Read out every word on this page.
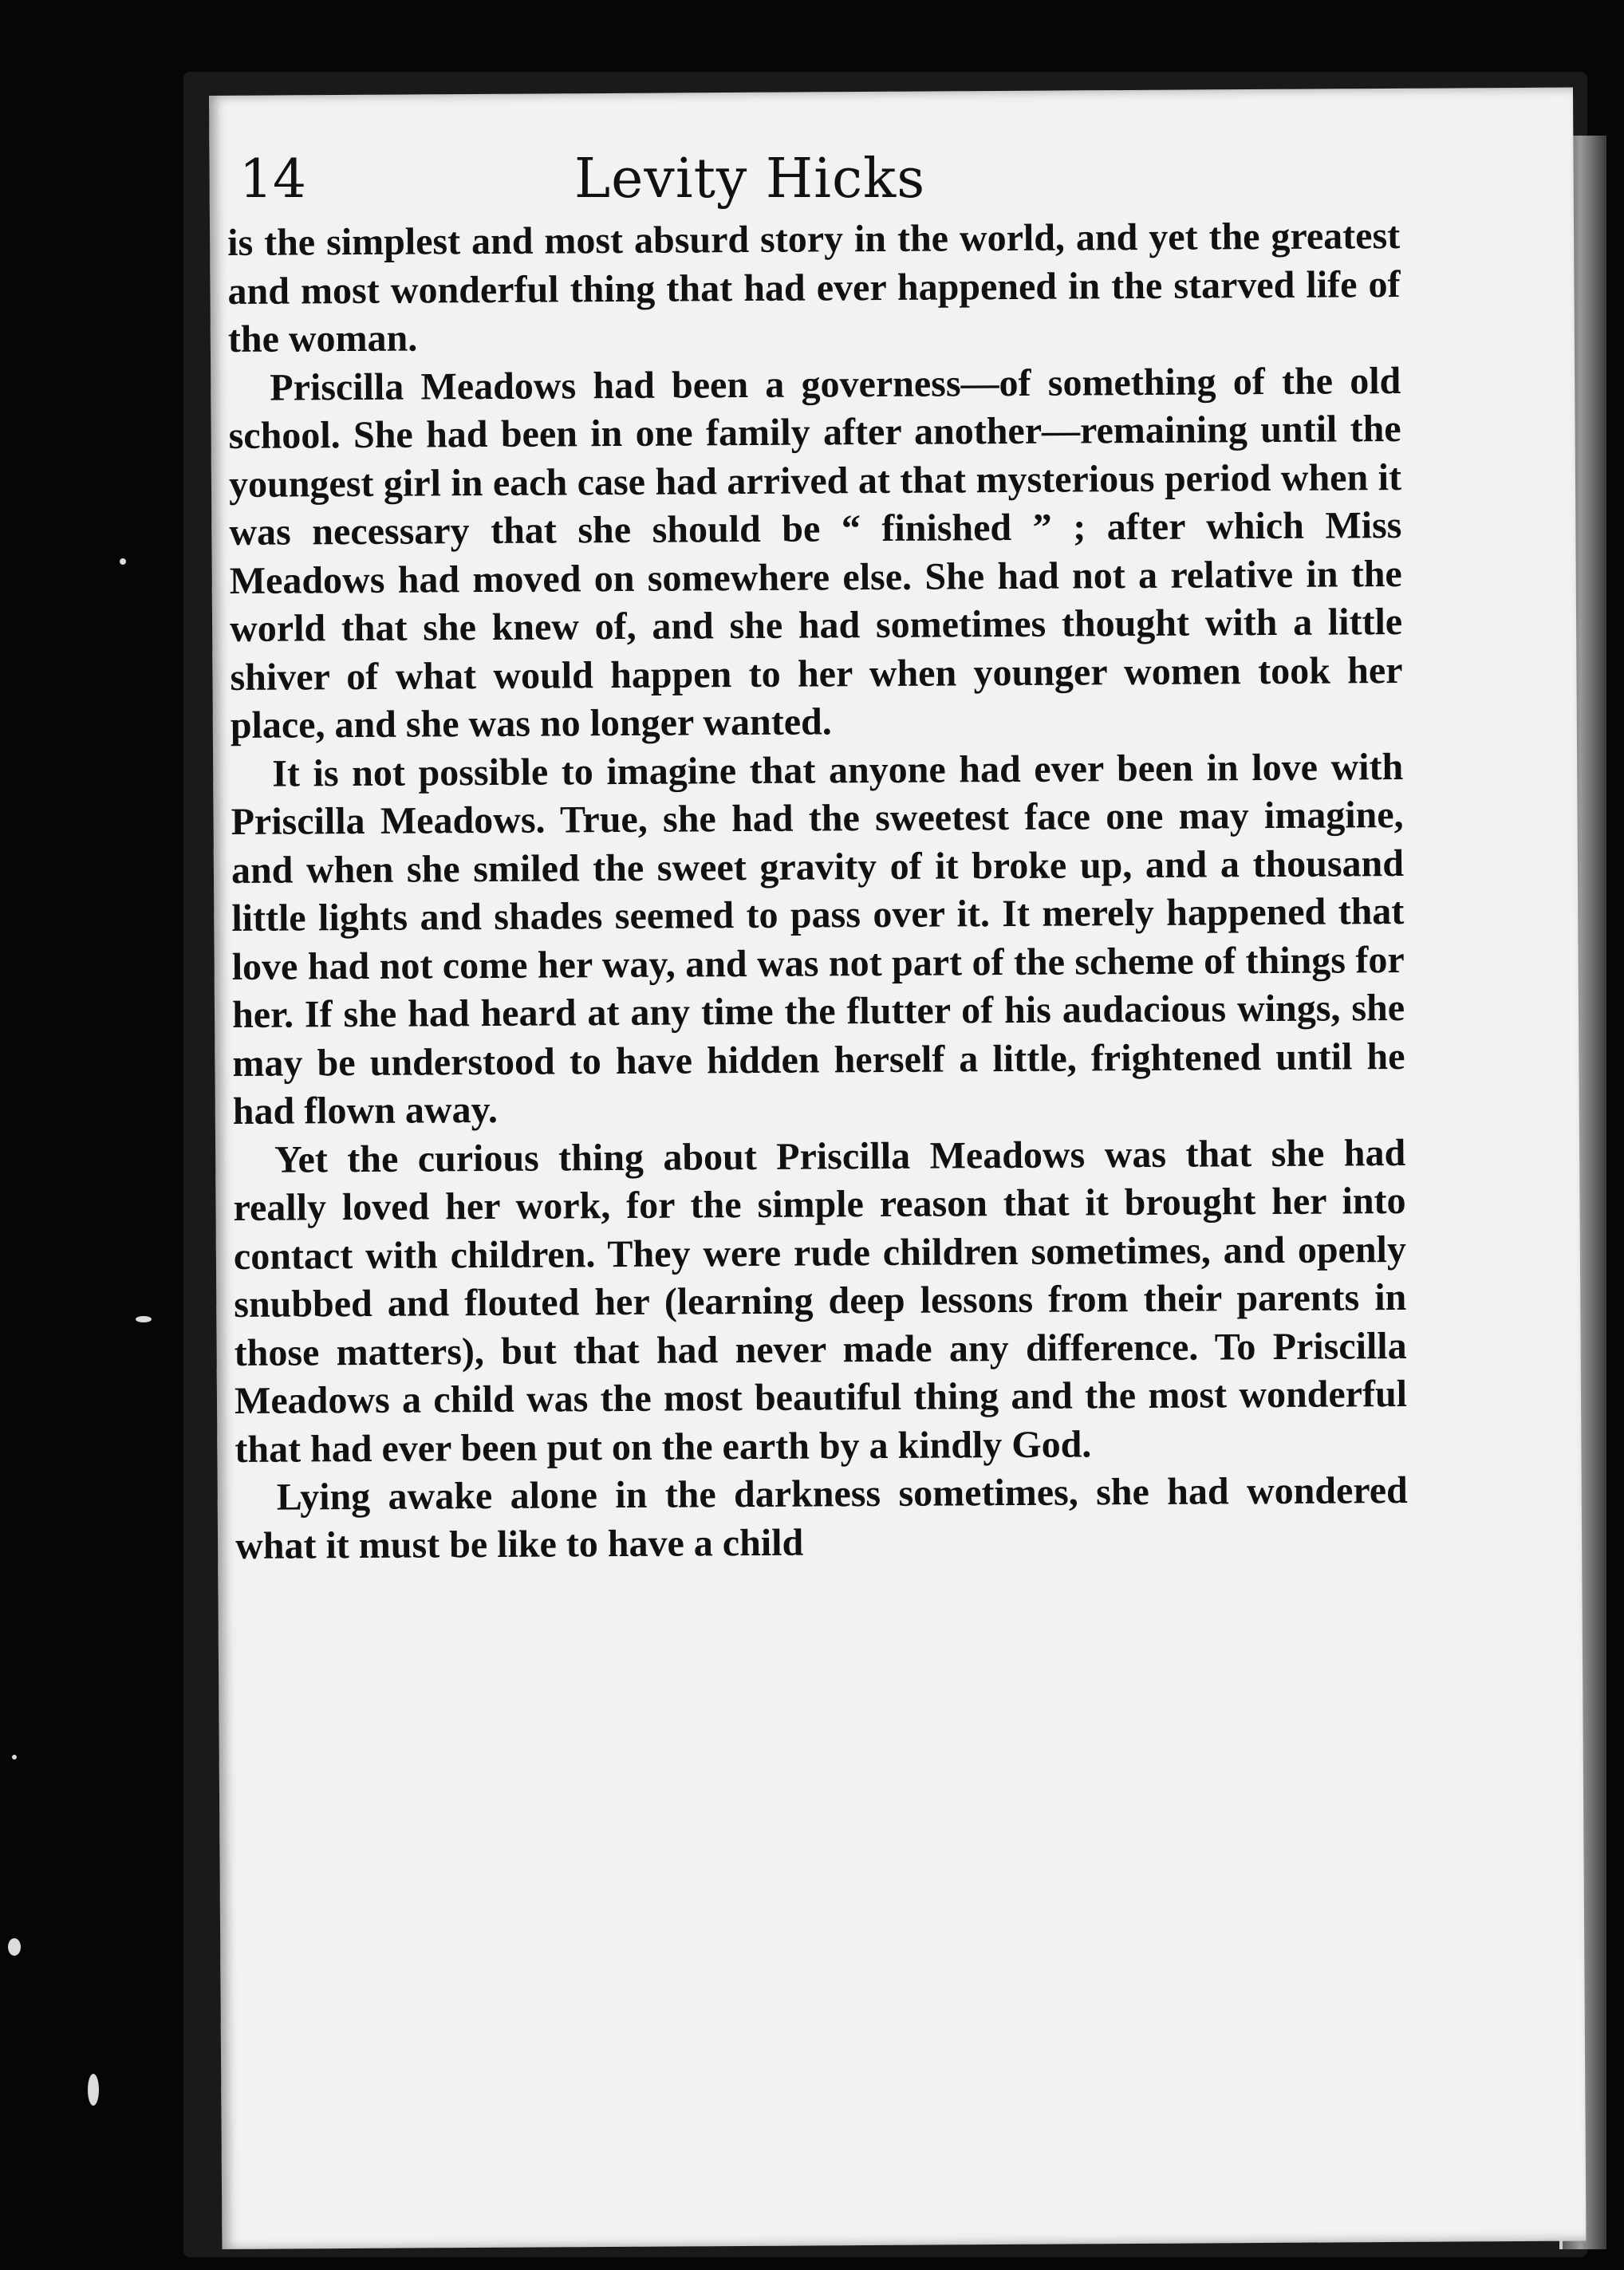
14	Levity Hicks

is the simplest and most absurd story in the world, and yet the greatest and most wonderful thing that had ever happened in the starved life of the woman.

Priscilla Meadows had been a governess—of something of the old school. She had been in one family after another—remaining until the youngest girl in each case had arrived at that mysterious period when it was necessary that she should be “ finished ” ; after which Miss Meadows had moved on somewhere else. She had not a relative in the world that she knew of, and she had sometimes thought with a little shiver of what would happen to her when younger women took her place, and she was no longer wanted.

It is not possible to imagine that anyone had ever been in love with Priscilla Meadows. True, she had the sweetest face one may imagine, and when she smiled the sweet gravity of it broke up, and a thousand little lights and shades seemed to pass over it. It merely happened that love had not come her way, and was not part of the scheme of things for her. If she had heard at any time the flutter of his audacious wings, she may be understood to have hidden herself a little, frightened until he had flown away.

Yet the curious thing about Priscilla Meadows was that she had really loved her work, for the simple reason that it brought her into contact with children. They were rude children sometimes, and openly snubbed and flouted her (learning deep lessons from their parents in those matters), but that had never made any difference. To Priscilla Meadows a child was the most beautiful thing and the most wonderful that had ever been put on the earth by a kindly God.

Lying awake alone in the darkness sometimes, she had wondered what it must be like to have a child
